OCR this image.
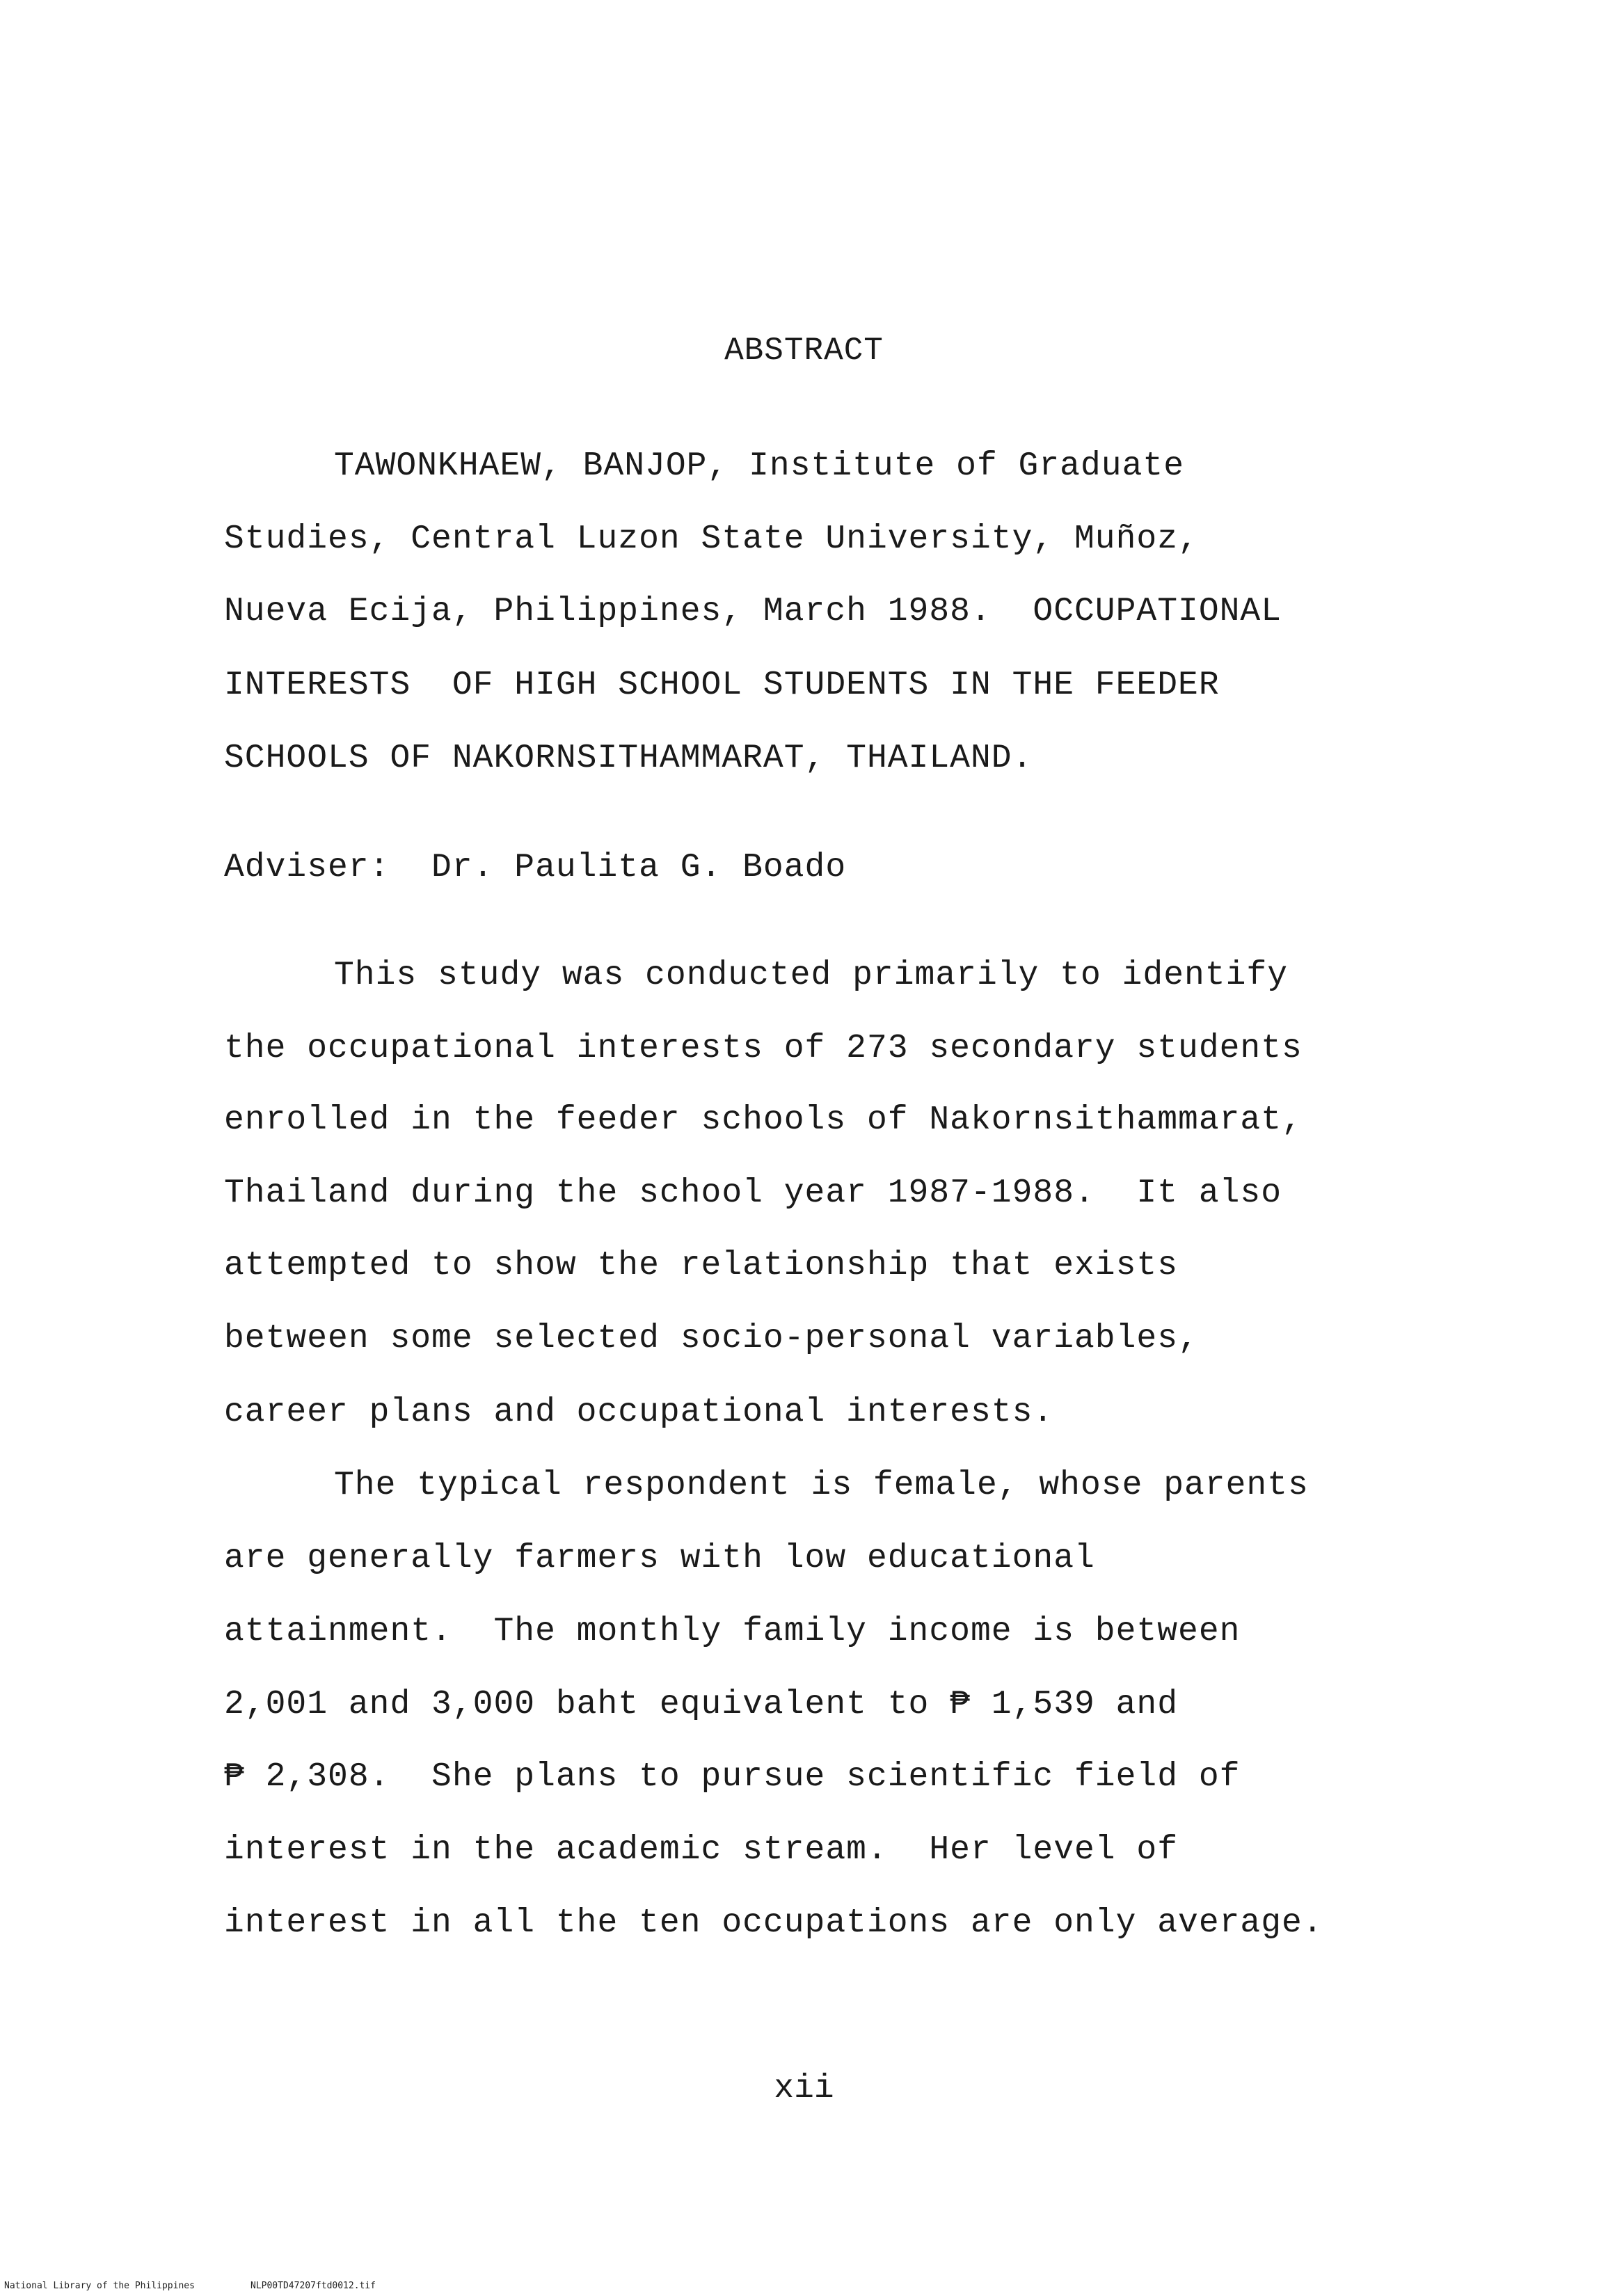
ABSTRACT
TAWONKHAEW, BANJOP, Institute of Graduate
Studies, Central Luzon State University, Muñoz,
Nueva Ecija, Philippines, March 1988.  OCCUPATIONAL
INTERESTS  OF HIGH SCHOOL STUDENTS IN THE FEEDER
SCHOOLS OF NAKORNSITHAMMARAT, THAILAND.
Adviser:  Dr. Paulita G. Boado
This study was conducted primarily to identify
the occupational interests of 273 secondary students
enrolled in the feeder schools of Nakornsithammarat,
Thailand during the school year 1987-1988.  It also
attempted to show the relationship that exists
between some selected socio-personal variables,
career plans and occupational interests.
The typical respondent is female, whose parents
are generally farmers with low educational
attainment.  The monthly family income is between
2,001 and 3,000 baht equivalent to ₱ 1,539 and
₱ 2,308.  She plans to pursue scientific field of
interest in the academic stream.  Her level of
interest in all the ten occupations are only average.
xii
National Library of the Philippines	NLP00TD47207ftd0012.tif
